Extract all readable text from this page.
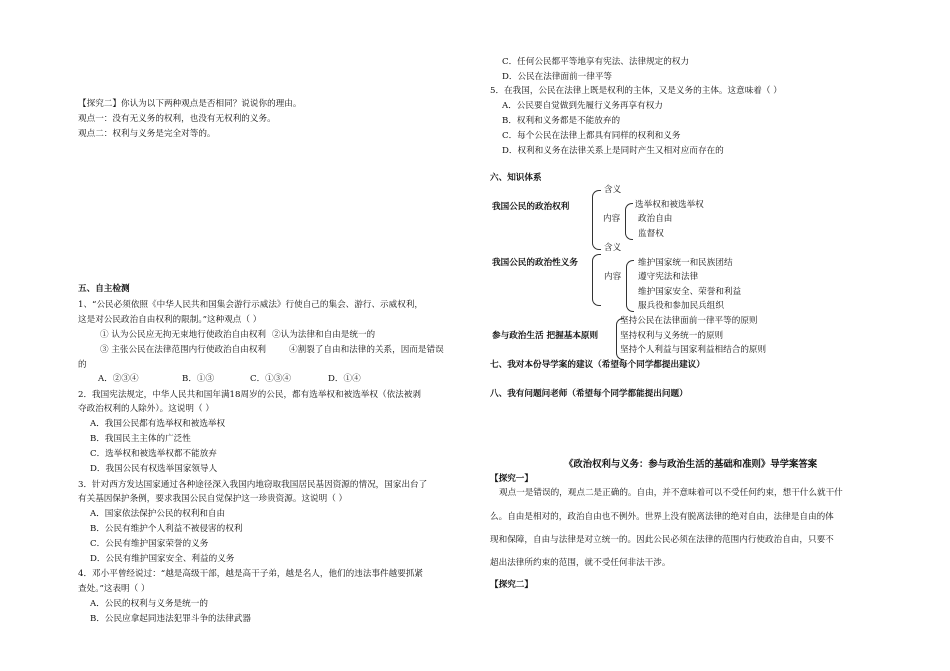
【探究二】你认为以下两种观点是否相同？说说你的理由。
观点一：没有无义务的权利，也没有无权利的义务。
观点二：权利与义务是完全对等的。
五、自主检测
1、“公民必须依照《中华人民共和国集会游行示威法》行使自己的集会、游行、示威权利，
这是对公民政治自由权利的限制。”这种观点（ ）
① 认为公民应无拘无束地行使政治自由权利 ②认为法律和自由是统一的
③ 主张公民在法律范围内行使政治自由权利	④割裂了自由和法律的关系，因而是错误
的
A．②③④	B．①③	C．①③④	D．①④
2．我国宪法规定，中华人民共和国年满18周岁的公民，都有选举权和被选举权（依法被剥
夺政治权利的人除外）。这说明（ ）
A．我国公民都有选举权和被选举权
B．我国民主主体的广泛性
C．选举权和被选举权都不能放弃
D．我国公民有权选举国家领导人
3．针对西方发达国家通过各种途径深入我国内地窃取我国居民基因资源的情况，国家出台了
有关基因保护条例，要求我国公民自觉保护这一珍贵资源。这说明（ ）
A．国家依法保护公民的权利和自由
B．公民有维护个人利益不被侵害的权利
C．公民有维护国家荣誉的义务
D．公民有维护国家安全、利益的义务
4．邓小平曾经说过：“越是高级干部，越是高干子弟，越是名人，他们的违法事件越要抓紧
查处。”这表明（ ）
A．公民的权利与义务是统一的
B．公民应拿起同违法犯罪斗争的法律武器
C．任何公民都平等地享有宪法、法律规定的权力
D．公民在法律面前一律平等
5．在我国，公民在法律上既是权利的主体，又是义务的主体。这意味着（ ）
A．公民要自觉做到先履行义务再享有权力
B．权利和义务都是不能放弃的
C．每个公民在法律上都具有同样的权利和义务
D．权利和义务在法律关系上是同时产生又相对应而存在的
六、知识体系
我国公民的政治权利
含义
内容
选举权和被选举权
政治自由
监督权
含义
我国公民的政治性义务
内容
维护国家统一和民族团结
遵守宪法和法律
维护国家安全、荣誉和利益
服兵役和参加民兵组织
参与政治生活 把握基本原则
坚持公民在法律面前一律平等的原则
坚持权利与义务统一的原则
坚持个人利益与国家利益相结合的原则
七、我对本份导学案的建议（希望每个同学都提出建议）
八、我有问题问老师（希望每个同学都能提出问题）
《政治权利与义务：参与政治生活的基础和准则》导学案答案
【探究一】
观点一是错误的，观点二是正确的。自由，并不意味着可以不受任何约束，想干什么就干什
么。自由是相对的，政治自由也不例外。世界上没有脱离法律的绝对自由，法律是自由的体
现和保障，自由与法律是对立统一的。因此公民必须在法律的范围内行使政治自由，只要不
超出法律所约束的范围，就不受任何非法干涉。
【探究二】
